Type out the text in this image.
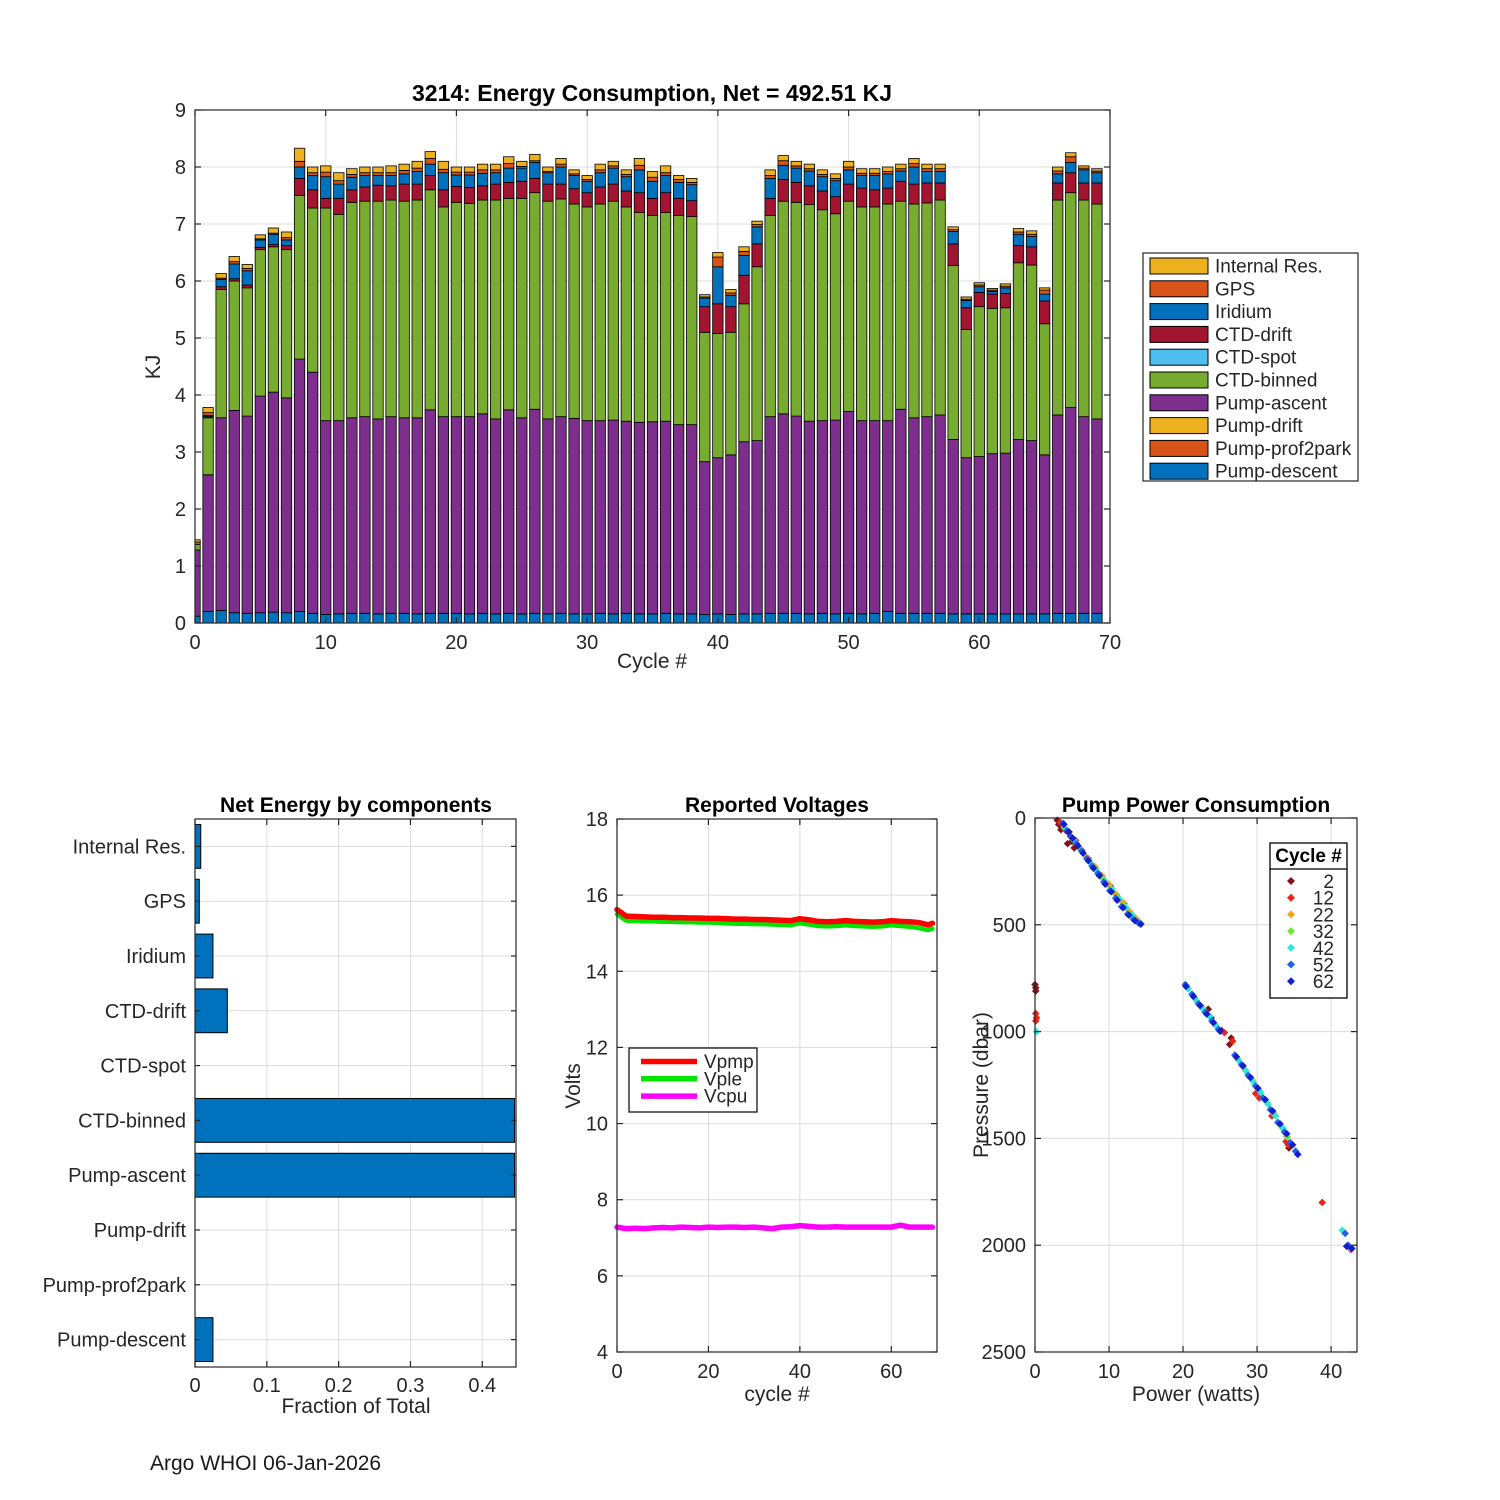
0	10	20	30	40	50	60	70
0
1
2
3
4
5
6
7
8
9
Internal Res.
GPS
Iridium
CTD-drift
CTD-spot
CTD-binned
Pump-ascent
Pump-drift
Pump-prof2park
Pump-descent
0	0.1 0.2 0.3 0.4
Internal Res.
GPS
Iridium
CTD-drift
CTD-spot
CTD-binned
Pump-ascent
Pump-drift
Pump-prof2park
Pump-descent
0	20	40	60
4
6
8
10
12
14
16
18
Vpmp
Vple
Vcpu
0	10	20	30	40
0
500
1000
1500
2000
2500
Cycle #
2
12
22
32
42
52
62
3214: Energy Consumption, Net = 492.51 KJ
Cycle #
KJ
Net Energy by components
Fraction of Total
Reported Voltages
cycle #
Volts
Pump Power Consumption
Power (watts)
Pressure (dbar)
Argo WHOI 06-Jan-2026
